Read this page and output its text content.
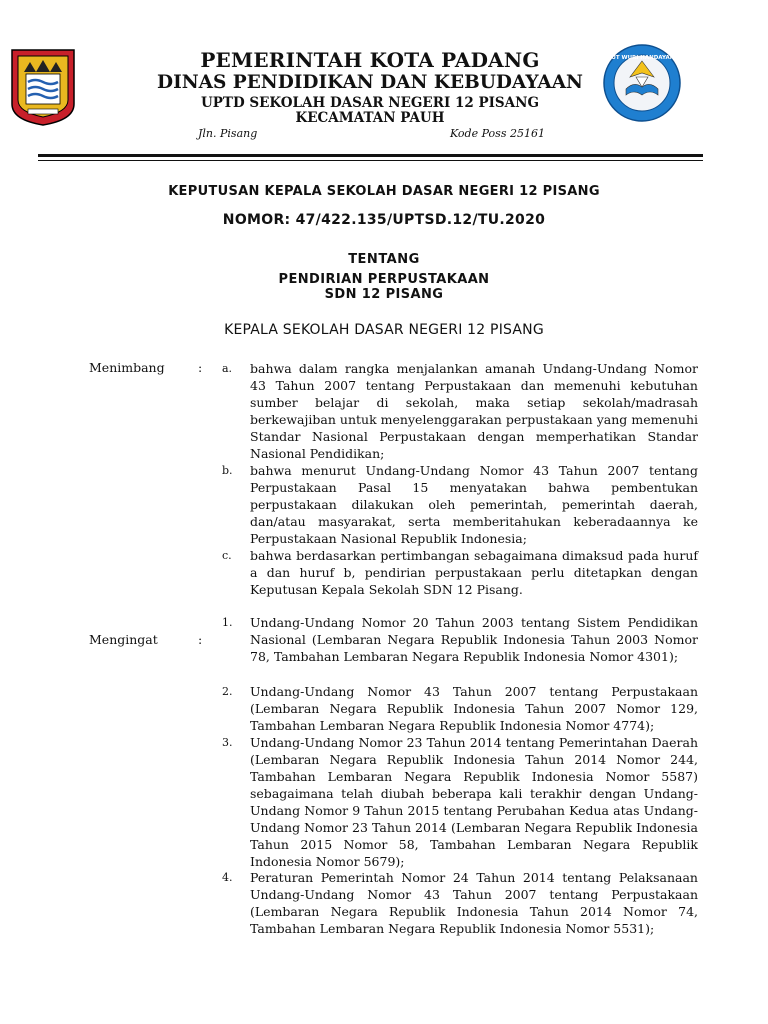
TUT WURI HANDAYANI
PEMERINTAH KOTA PADANG
DINAS PENDIDIKAN DAN KEBUDAYAAN
UPTD SEKOLAH DASAR NEGERI 12 PISANG
KECAMATAN PAUH
Jln. Pisang	Kode Poss 25161
KEPUTUSAN KEPALA SEKOLAH DASAR NEGERI 12 PISANG
NOMOR: 47/422.135/UPTSD.12/TU.2020
TENTANG
PENDIRIAN PERPUSTAKAAN
SDN 12 PISANG
KEPALA SEKOLAH DASAR NEGERI 12 PISANG
Menimbang	: a.	bahwa dalam rangka menjalankan amanah Undang-Undang Nomor 43 Tahun 2007 tentang Perpustakaan dan memenuhi kebutuhan sumber belajar di sekolah, maka setiap sekolah/madrasah berkewajiban untuk menyelenggarakan perpustakaan yang memenuhi Standar Nasional Perpustakaan dengan memperhatikan Standar Nasional Pendidikan;
b.	bahwa menurut Undang-Undang Nomor 43 Tahun 2007 tentang Perpustakaan Pasal 15 menyatakan bahwa pembentukan perpustakaan dilakukan oleh pemerintah, pemerintah daerah, dan/atau masyarakat, serta memberitahukan keberadaannya ke Perpustakaan Nasional Republik Indonesia;
c.	bahwa berdasarkan pertimbangan sebagaimana dimaksud pada huruf a dan huruf b, pendirian perpustakaan perlu ditetapkan dengan Keputusan Kepala Sekolah SDN 12 Pisang.
Mengingat	:
1.	Undang-Undang Nomor 20 Tahun 2003 tentang Sistem Pendidikan Nasional (Lembaran Negara Republik Indonesia Tahun 2003 Nomor 78, Tambahan Lembaran Negara Republik Indonesia Nomor 4301);
2.	Undang-Undang Nomor 43 Tahun 2007 tentang Perpustakaan (Lembaran Negara Republik Indonesia Tahun 2007 Nomor 129, Tambahan Lembaran Negara Republik Indonesia Nomor 4774);
3.	Undang-Undang Nomor 23 Tahun 2014 tentang Pemerintahan Daerah (Lembaran Negara Republik Indonesia Tahun 2014 Nomor 244, Tambahan Lembaran Negara Republik Indonesia Nomor 5587) sebagaimana telah diubah beberapa kali terakhir dengan Undang-Undang Nomor 9 Tahun 2015 tentang Perubahan Kedua atas Undang-Undang Nomor 23 Tahun 2014 (Lembaran Negara Republik Indonesia Tahun 2015 Nomor 58, Tambahan Lembaran Negara Republik Indonesia Nomor 5679);
4.	Peraturan Pemerintah Nomor 24 Tahun 2014 tentang Pelaksanaan Undang-Undang Nomor 43 Tahun 2007 tentang Perpustakaan (Lembaran Negara Republik Indonesia Tahun 2014 Nomor 74, Tambahan Lembaran Negara Republik Indonesia Nomor 5531);
